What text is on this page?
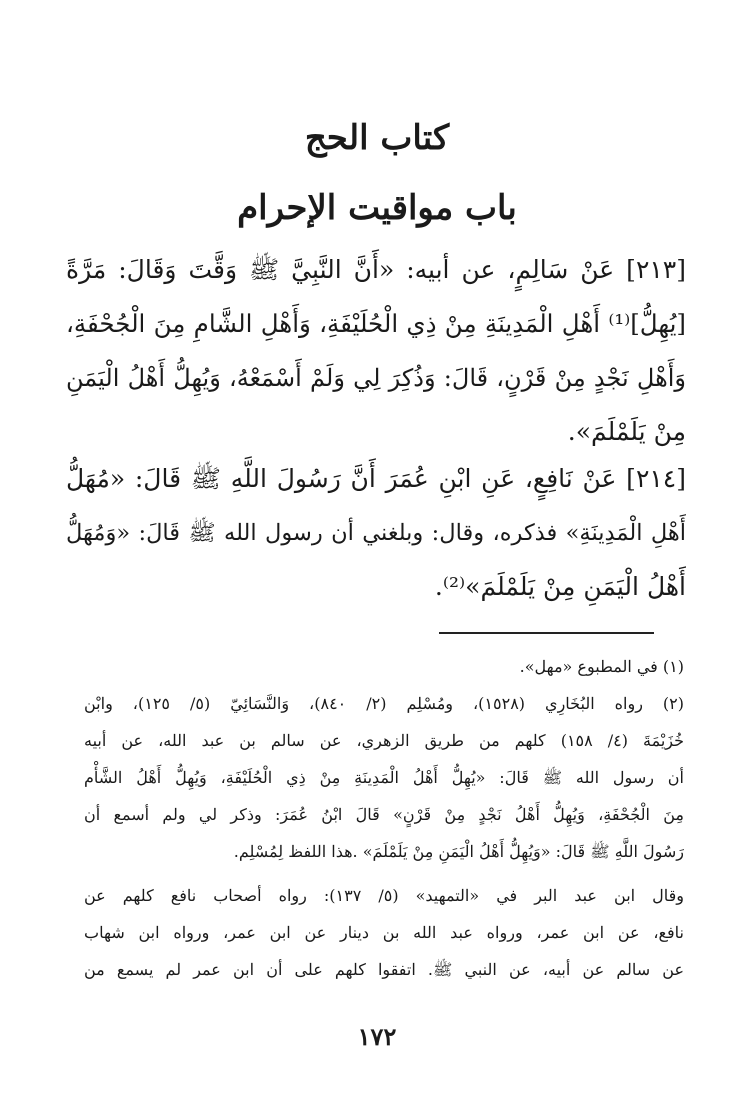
كتاب الحج
باب مواقيت الإحرام
[٢١٣] عَنْ سَالِمٍ، عن أبيه: «أَنَّ النَّبِيَّ ﷺ وَقَّتَ وَقَالَ: مَرَّةً
[يُهِلُّ]⁽¹⁾ أَهْلِ الْمَدِينَةِ مِنْ ذِي الْحُلَيْفَةِ، وَأَهْلِ الشَّامِ مِنَ الْجُحْفَةِ،
وَأَهْلِ نَجْدٍ مِنْ قَرْنٍ، قَالَ: وَذُكِرَ لِي وَلَمْ أَسْمَعْهُ، وَيُهِلُّ أَهْلُ الْيَمَنِ
مِنْ يَلَمْلَمَ».
[٢١٤] عَنْ نَافِعٍ، عَنِ ابْنِ عُمَرَ أَنَّ رَسُولَ اللَّهِ ﷺ قَالَ: «مُهَلُّ
أَهْلِ الْمَدِينَةِ» فذكره، وقال: وبلغني أن رسول الله ﷺ قَالَ: «وَمُهَلُّ
أَهْلُ الْيَمَنِ مِنْ يَلَمْلَمَ»⁽²⁾.
(١) في المطبوع «مهل».
(٢) رواه البُخَارِي (١٥٢٨)، ومُسْلِم (٢/ ٨٤٠)، وَالنَّسَائِيّ (٥/ ١٢٥)، وابْن
خُزَيْمَةَ (٤/ ١٥٨) كلهم من طريق الزهري، عن سالم بن عبد الله، عن أبيه
أن رسول الله ﷺ قَالَ: «يُهِلُّ أَهْلُ الْمَدِينَةِ مِنْ ذِي الْحُلَيْفَةِ، وَيُهِلُّ أَهْلُ الشَّأْم
مِنَ الْجُحْفَةِ، وَيُهِلُّ أَهْلُ نَجْدٍ مِنْ قَرْنٍ» قَالَ ابْنُ عُمَرَ: وذكر لي ولم أسمع أن
رَسُولَ اللَّهِ ﷺ قَالَ: «وَيُهِلُّ أَهْلُ الْيَمَنِ مِنْ يَلَمْلَمَ» .هذا اللفظ لِمُسْلِم.
وقال ابن عبد البر في «التمهيد» (٥/ ١٣٧): رواه أصحاب نافع كلهم عن
نافع، عن ابن عمر، ورواه عبد الله بن دينار عن ابن عمر، ورواه ابن شهاب
عن سالم عن أبيه، عن النبي ﷺ. اتفقوا كلهم على أن ابن عمر لم يسمع من
١٧٢
